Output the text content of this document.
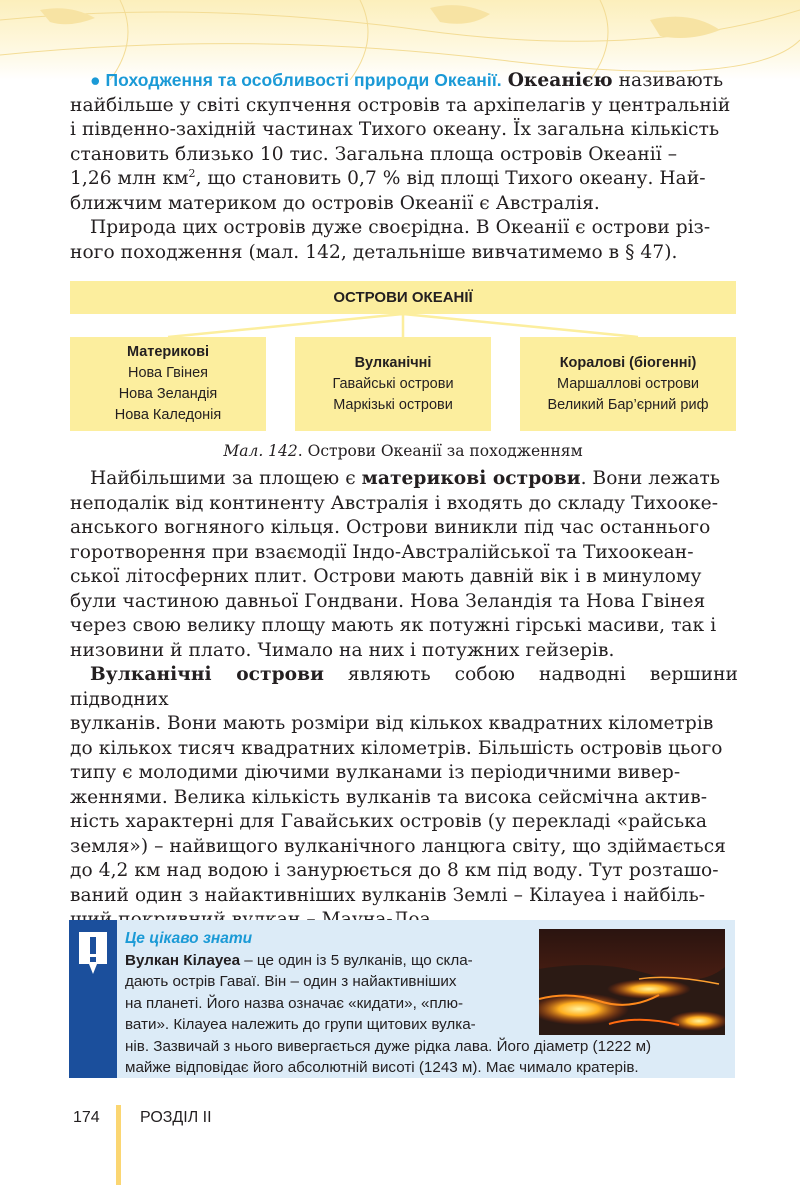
● Походження та особливості природи Океанії. Океанією називають

найбільше у світі скупчення островів та архіпелагів у центральній

і південно-західній частинах Тихого океану. Їх загальна кількість

становить близько 10 тис. Загальна площа островів Океанії –

1,26 млн $км^2$, що становить 0,7 % від площі Тихого океану. Най-

ближчим материком до островів Океанії є Австралія.

Природа цих островів дуже своєрідна. В Океанії є острови різ-

ного походження (мал. 142, детальніше вивчатимемо в § 47).

ОСТРОВИ ОКЕАНІЇ
Материкові
Нова Гвінея
Нова Зеландія
Нова Каледонія
Вулканічні
Гавайські острови
Маркізькі острови
Коралові (біогенні)
Маршаллові острови
Великий Бар’єрний риф
Мал. 142. Острови Океанії за походженням

Найбільшими за площею є материкові острови. Вони лежать

неподалік від континенту Австралія і входять до складу Тихооке-

анського вогняного кільця. Острови виникли під час останнього

горотворення при взаємодії Індо-Австралійської та Тихоокеан-

ської літосферних плит. Острови мають давній вік і в минулому

були частиною давньої Гондвани. Нова Зеландія та Нова Гвінея

через свою велику площу мають як потужні гірські масиви, так і

низовини й плато. Чимало на них і потужних гейзерів.

Вулканічні острови являють собою надводні вершини підводних

вулканів. Вони мають розміри від кількох квадратних кілометрів

до кількох тисяч квадратних кілометрів. Більшість островів цього

типу є молодими діючими вулканами із періодичними вивер-

женнями. Велика кількість вулканів та висока сейсмічна актив-

ність характерні для Гавайських островів (у перекладі «райська

земля») – найвищого вулканічного ланцюга світу, що здіймається

до 4,2 км над водою і занурюється до 8 км під воду. Тут розташо-

ваний один з найактивніших вулканів Землі – Кілауеа і найбіль-

Це цікаво знати
Вулкан Кілауеа – це один із 5 вулканів, що скла-
дають острів Гаваї. Він – один з найактивніших
на планеті. Його назва означає «кидати», «плю-
вати». Кілауеа належить до групи щитових вулка-
нів. Зазвичай з нього вивергається дуже рідка лава. Його діаметр (1222 м)
майже відповідає його абсолютній висоті (1243 м). Має чимало кратерів.
174	РОЗДІЛ ІІ
